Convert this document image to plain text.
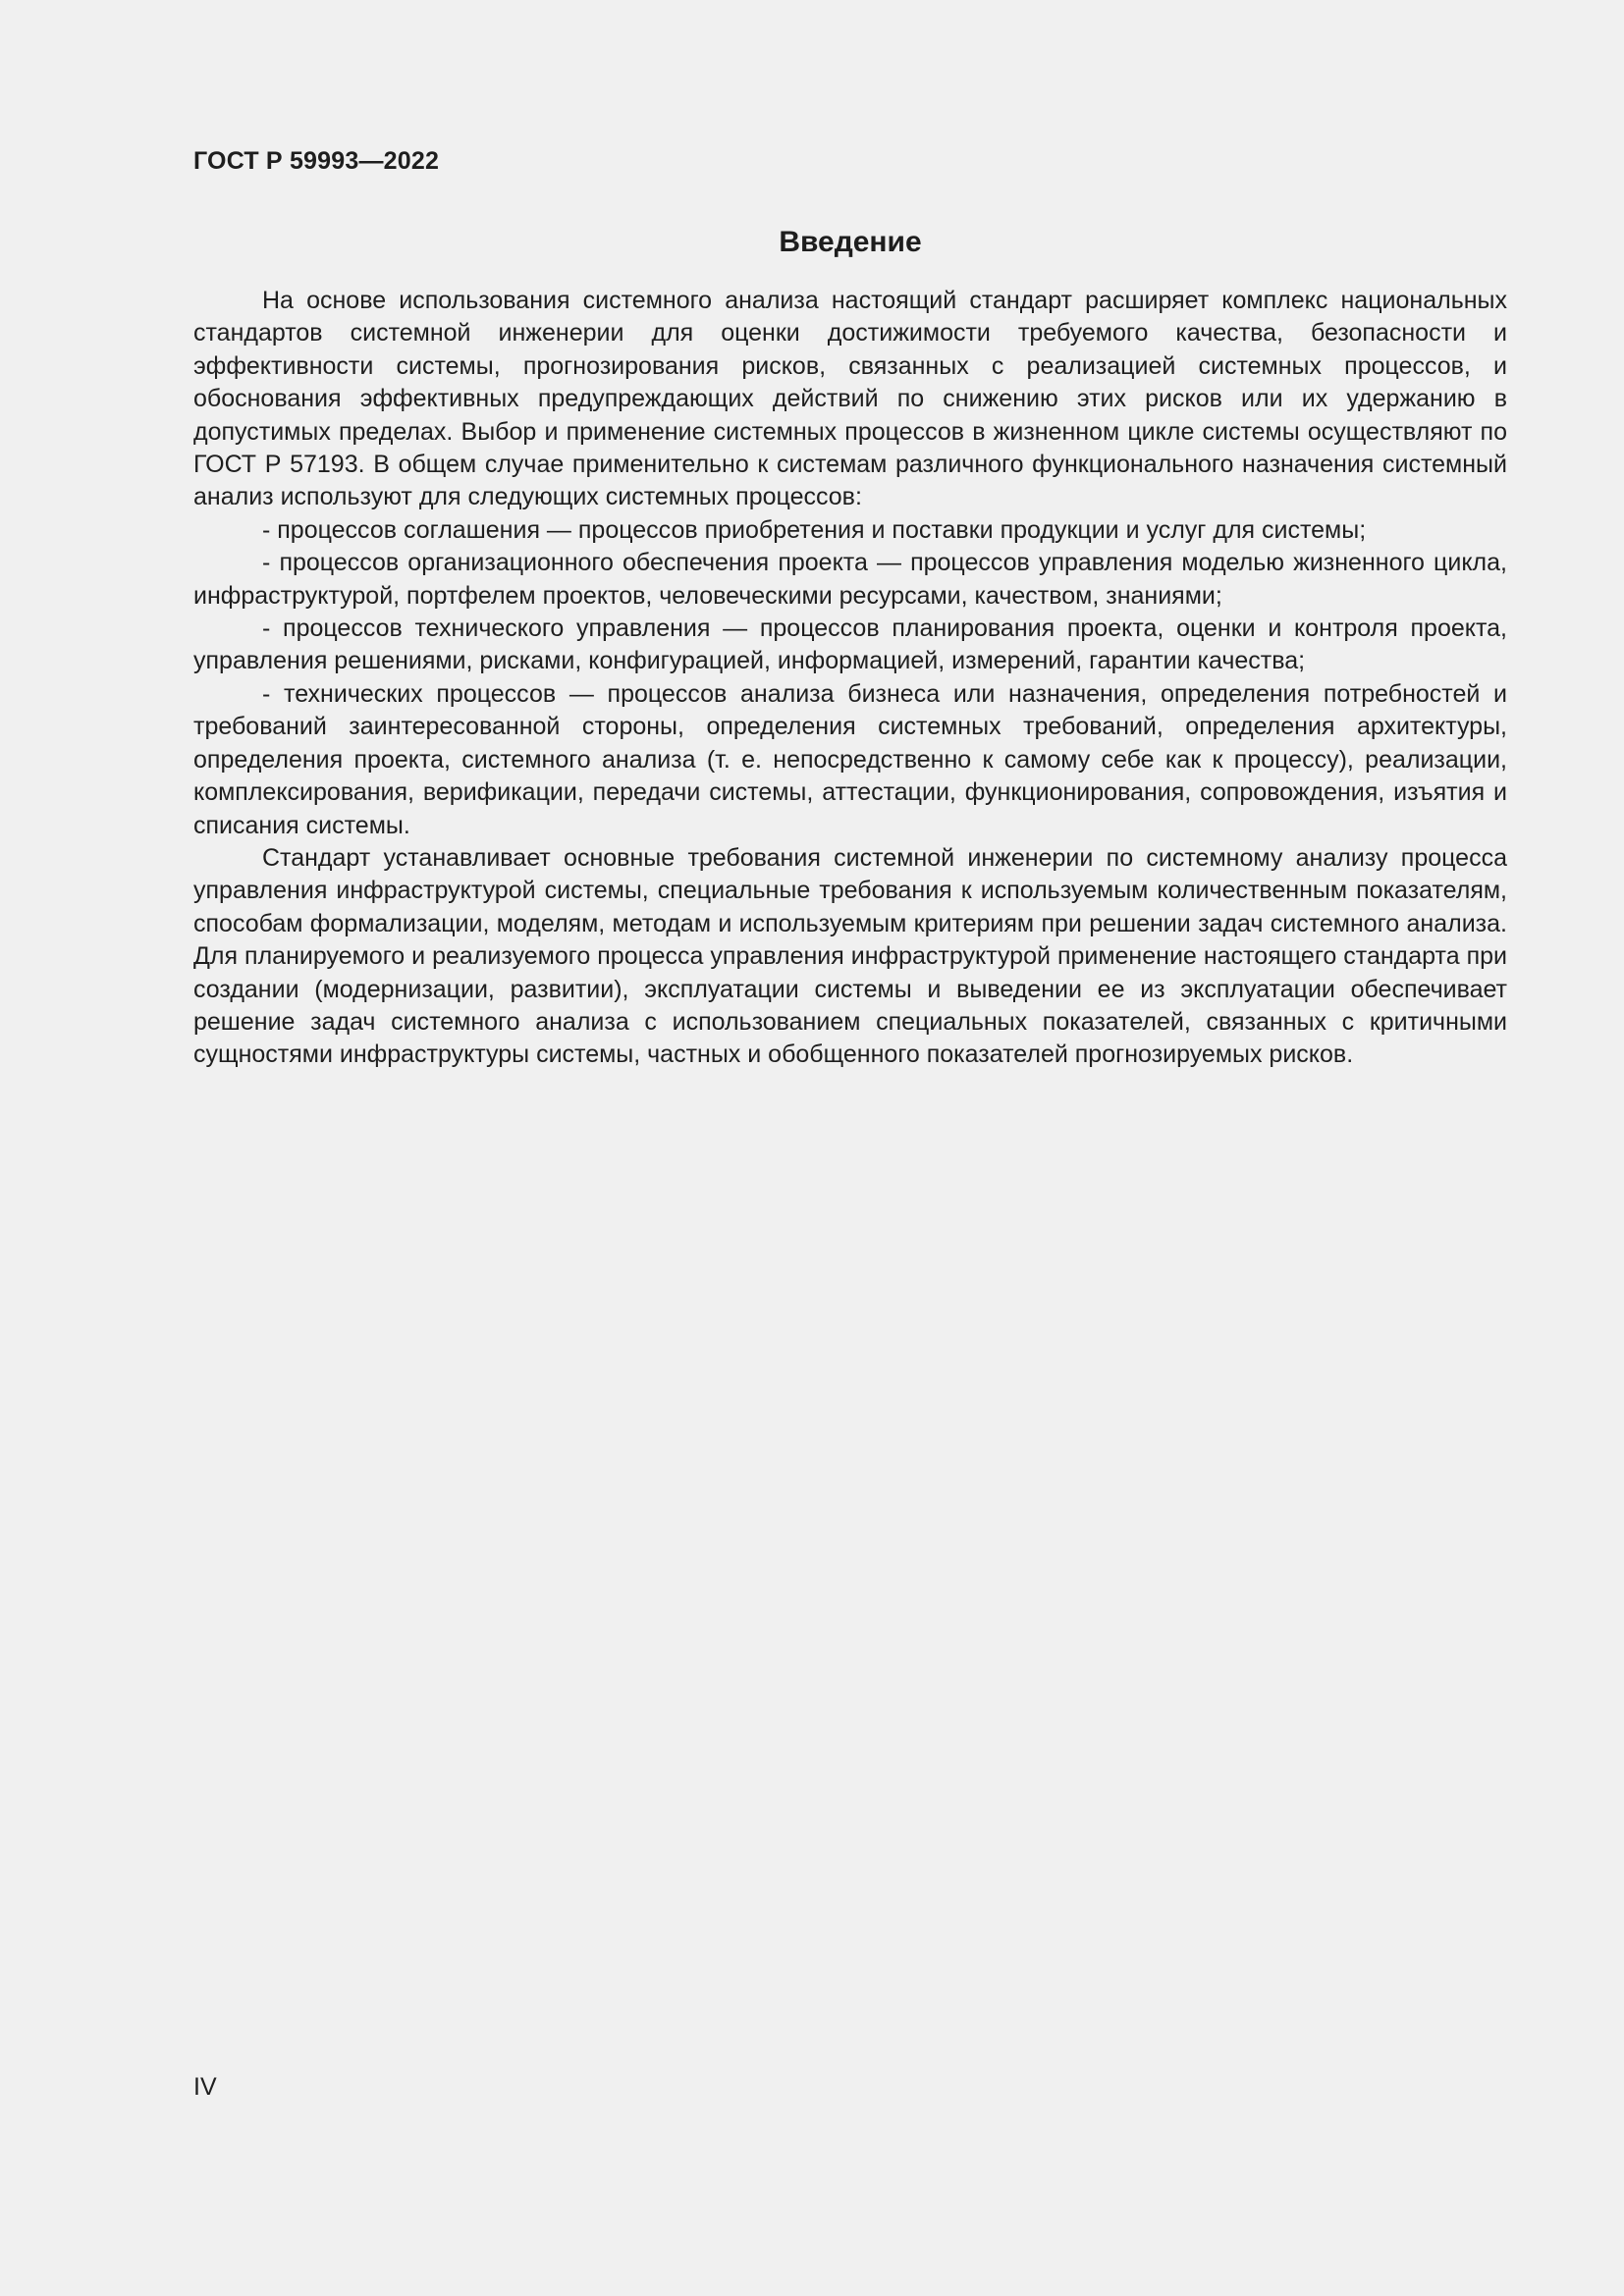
ГОСТ Р 59993—2022

Введение

На основе использования системного анализа настоящий стандарт расширяет комплекс национальных стандартов системной инженерии для оценки достижимости требуемого качества, безопасности и эффективности системы, прогнозирования рисков, связанных с реализацией системных процессов, и обоснования эффективных предупреждающих действий по снижению этих рисков или их удержанию в допустимых пределах. Выбор и применение системных процессов в жизненном цикле системы осуществляют по ГОСТ Р 57193. В общем случае применительно к системам различного функционального назначения системный анализ используют для следующих системных процессов:

- процессов соглашения — процессов приобретения и поставки продукции и услуг для системы;

- процессов организационного обеспечения проекта — процессов управления моделью жизненного цикла, инфраструктурой, портфелем проектов, человеческими ресурсами, качеством, знаниями;

- процессов технического управления — процессов планирования проекта, оценки и контроля проекта, управления решениями, рисками, конфигурацией, информацией, измерений, гарантии качества;

- технических процессов — процессов анализа бизнеса или назначения, определения потребностей и требований заинтересованной стороны, определения системных требований, определения архитектуры, определения проекта, системного анализа (т. е. непосредственно к самому себе как к процессу), реализации, комплексирования, верификации, передачи системы, аттестации, функционирования, сопровождения, изъятия и списания системы.

Стандарт устанавливает основные требования системной инженерии по системному анализу процесса управления инфраструктурой системы, специальные требования к используемым количественным показателям, способам формализации, моделям, методам и используемым критериям при решении задач системного анализа. Для планируемого и реализуемого процесса управления инфраструктурой применение настоящего стандарта при создании (модернизации, развитии), эксплуатации системы и выведении ее из эксплуатации обеспечивает решение задач системного анализа с использованием специальных показателей, связанных с критичными сущностями инфраструктуры системы, частных и обобщенного показателей прогнозируемых рисков.

IV
